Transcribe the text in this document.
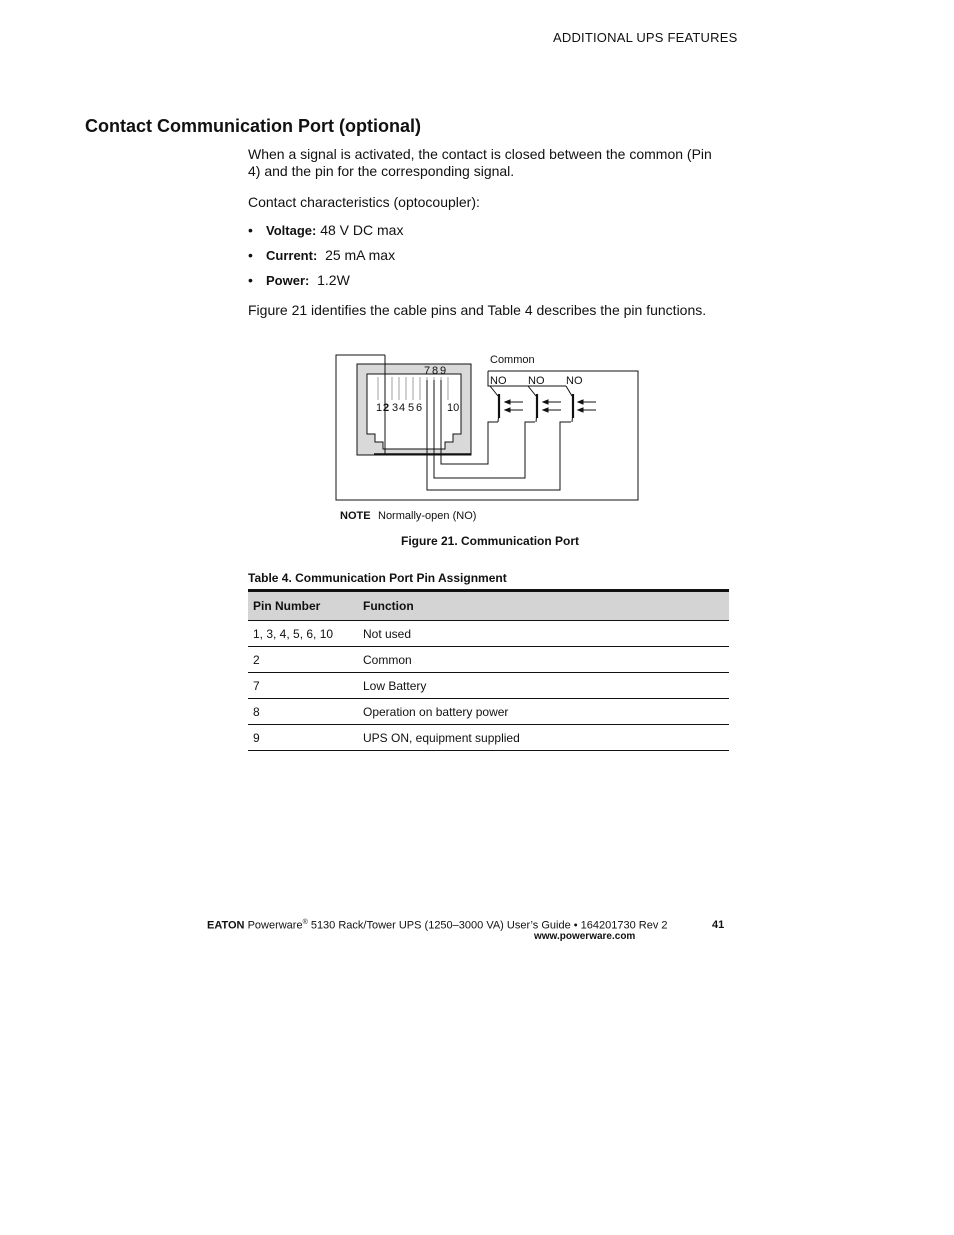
ADDITIONAL UPS FEATURES
Contact Communication Port (optional)

When a signal is activated, the contact is closed between the common (Pin 4) and the pin for the corresponding signal.

Contact characteristics (optocoupler):

• Voltage: 48 V DC max
• Current: 25 mA max
• Power: 1.2W

Figure 21 identifies the cable pins and Table 4 describes the pin functions.

7 8 9
1 2 3 4 5 6 10
Common
NO NO NO
NOTE Normally-open (NO)
Figure 21. Communication Port
Table 4. Communication Port Pin Assignment
Pin Number	Function
1, 3, 4, 5, 6, 10	Not used
2	Common
7	Low Battery
8	Operation on battery power
9	UPS ON, equipment supplied
EATON Powerware® 5130 Rack/Tower UPS (1250–3000 VA) User’s Guide • 164201730 Rev 2
www.powerware.com
41
